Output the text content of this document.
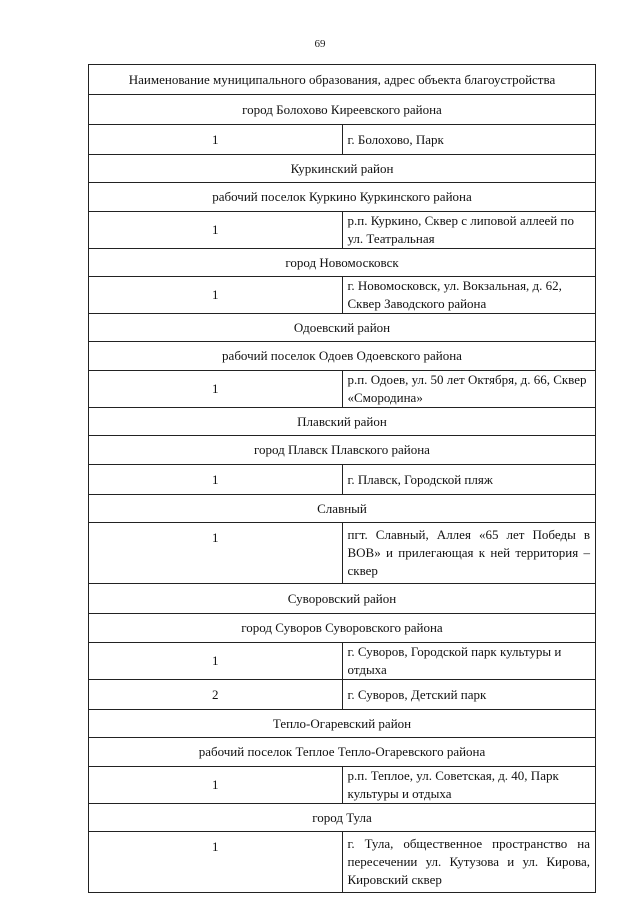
69
Наименование муниципального образования, адрес объекта благоустройства	
город Болохово Киреевского района	
1	г. Болохово, Парк
Куркинский район	
рабочий поселок Куркино Куркинского района	
1	р.п. Куркино, Сквер с липовой аллеей по ул. Театральная
город Новомосковск	
1	г. Новомосковск, ул. Вокзальная, д. 62, Сквер Заводского района
Одоевский район	
рабочий поселок Одоев Одоевского района	
1	р.п. Одоев, ул. 50 лет Октября, д. 66, Сквер «Смородина»
Плавский район	
город Плавск Плавского района	
1	г. Плавск, Городской пляж
Славный	
1	пгт. Славный, Аллея «65 лет Победы в ВОВ» и прилегающая к ней территория – сквер
Суворовский район	
город Суворов Суворовского района	
1	г. Суворов, Городской парк культуры и отдыха
2	г. Суворов, Детский парк
Тепло-Огаревский район	
рабочий поселок Теплое Тепло-Огаревского района	
1	р.п. Теплое, ул. Советская, д. 40, Парк культуры и отдыха
город Тула	
1	г. Тула, общественное пространство на пересечении ул. Кутузова и ул. Кирова, Кировский сквер
